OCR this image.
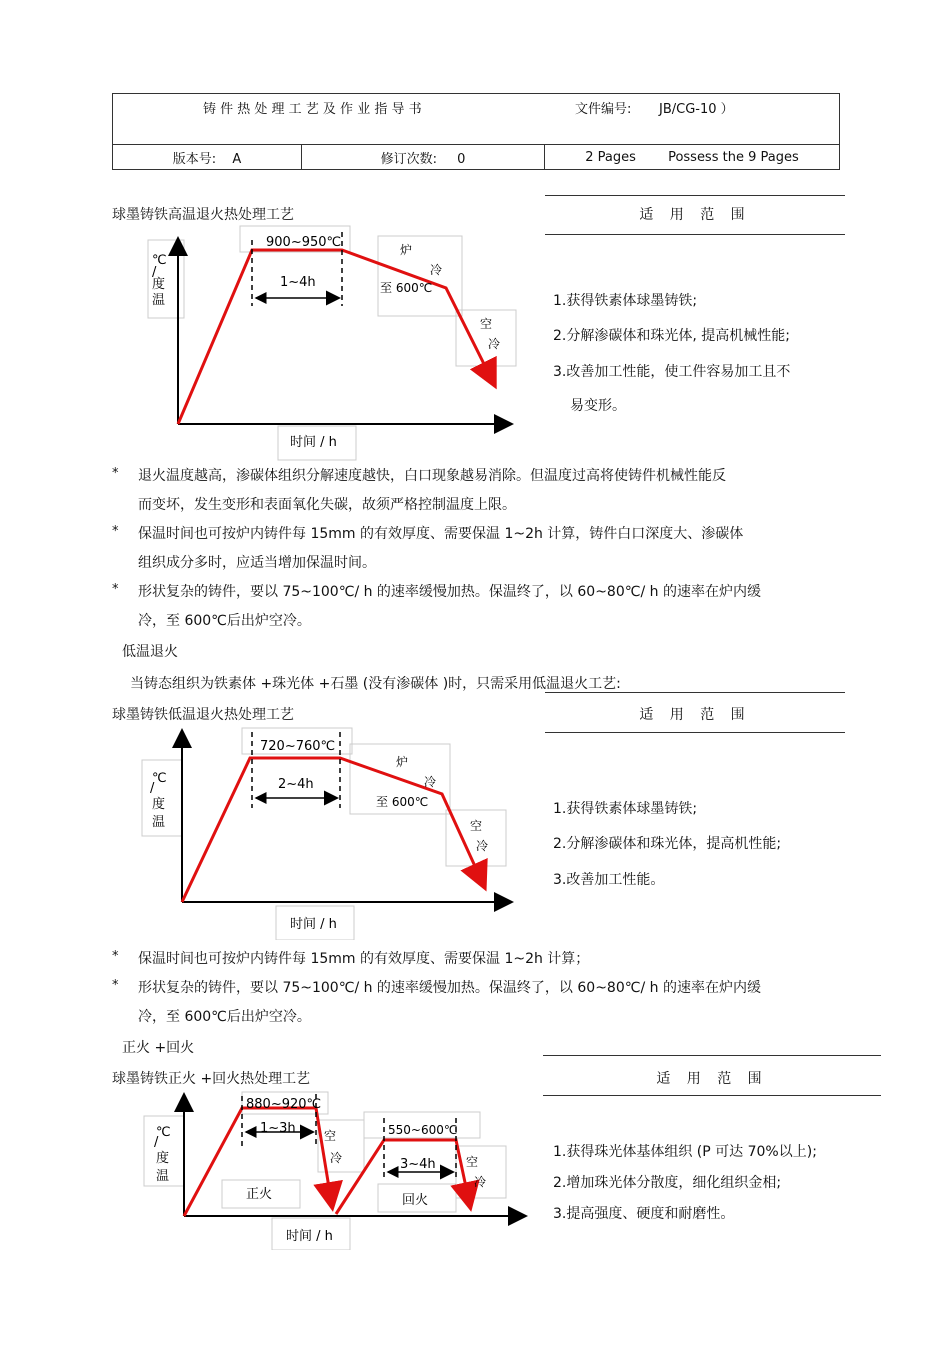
铸 件 热 处 理 工 艺 及 作 业 指 导 书	文件编号: JB/CG-10 ）

版本号: A	修订次数: 0	2 Pages Possess the 9 Pages
球墨铸铁高温退火热处理工艺
900~950℃
1~4h
炉
冷
至 600℃
空
冷
℃
/
度
温
时间 / h
适 用 范 围
1.获得铁素体球墨铸铁;
2.分解渗碳体和珠光体, 提高机械性能;
3.改善加工性能，使工件容易加工且不
易变形。
* 退火温度越高，渗碳体组织分解速度越快，白口现象越易消除。但温度过高将使铸件机械性能反
而变坏，发生变形和表面氧化失碳，故须严格控制温度上限。
* 保温时间也可按炉内铸件每 15mm 的有效厚度、需要保温 1~2h 计算，铸件白口深度大、渗碳体
组织成分多时，应适当增加保温时间。
* 形状复杂的铸件，要以 75~100℃/ h 的速率缓慢加热。保温终了，以 60~80℃/ h 的速率在炉内缓
冷，至 600℃后出炉空冷。
低温退火
当铸态组织为铁素体 +珠光体 +石墨 (没有渗碳体 )时，只需采用低温退火工艺:
球墨铸铁低温退火热处理工艺
720~760℃
2~4h
炉
冷
至 600℃
空
冷
℃
/
度
温
时间 / h
适 用 范 围
1.获得铁素体球墨铸铁;
2.分解渗碳体和珠光体，提高机性能;
3.改善加工性能。
* 保温时间也可按炉内铸件每 15mm 的有效厚度、需要保温 1~2h 计算；
* 形状复杂的铸件，要以 75~100℃/ h 的速率缓慢加热。保温终了，以 60~80℃/ h 的速率在炉内缓
冷，至 600℃后出炉空冷。
正火 +回火
球墨铸铁正火 +回火热处理工艺
880~920℃
1~3h 空
冷
正火
550~600℃
3~4h	空
冷
回火
℃
/
度
温
时间 / h
适 用 范 围
1.获得珠光体基体组织 (P 可达 70%以上);
2.增加珠光体分散度，细化组织金相;
3.提高强度、硬度和耐磨性。
